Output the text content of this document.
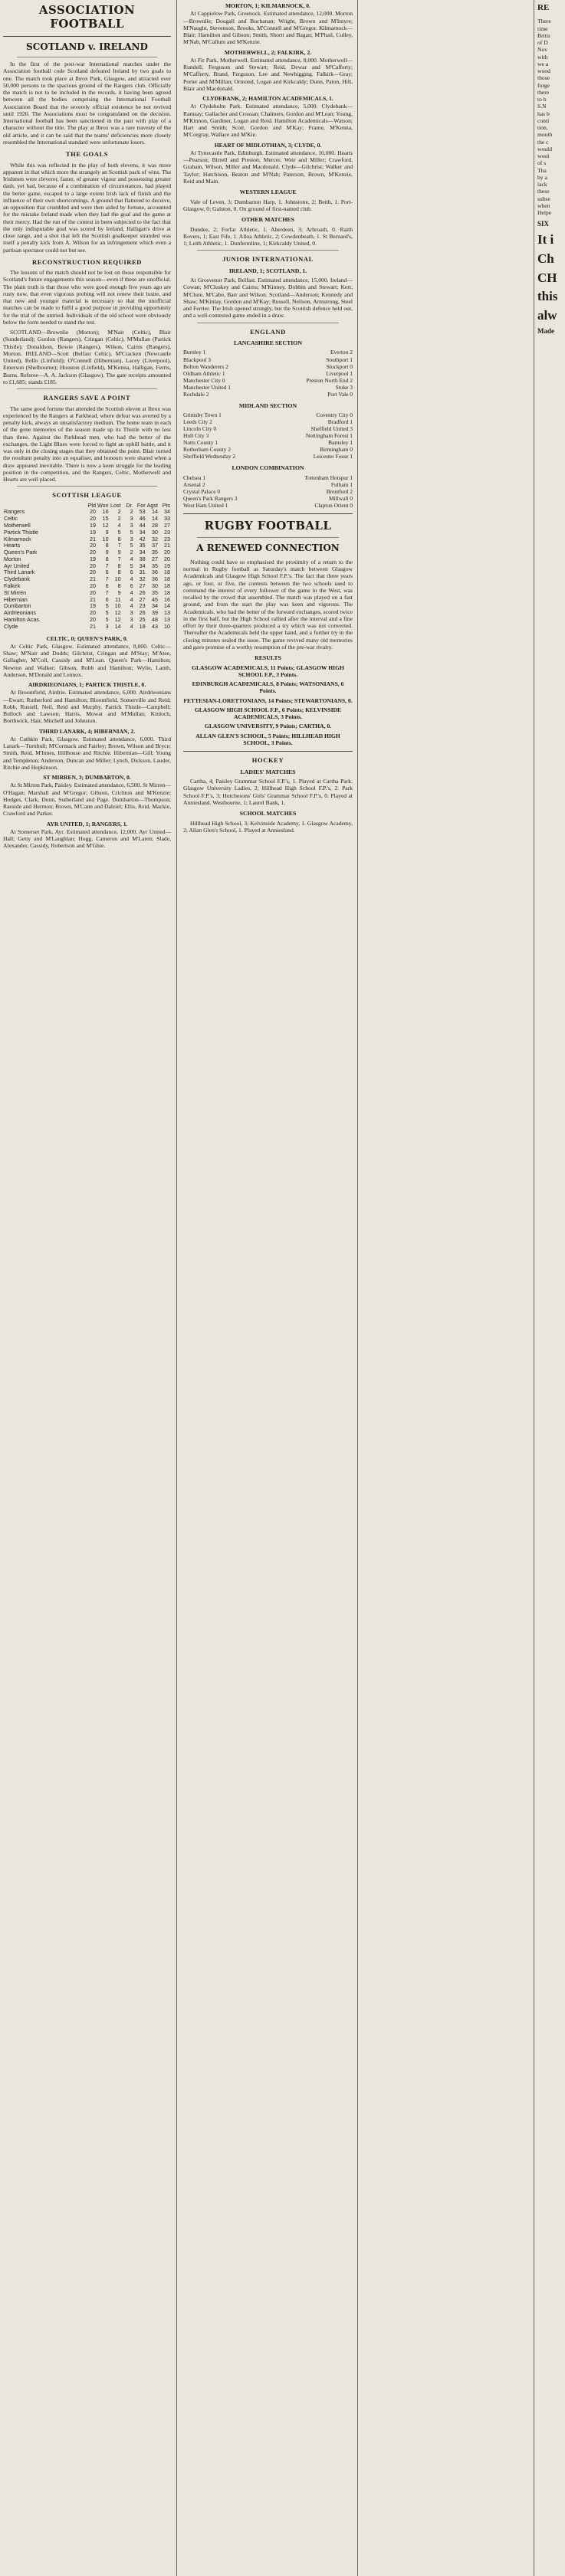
ASSOCIATION FOOTBALL
SCOTLAND v. IRELAND

In the first of the post-war International matches under the Association football code Scotland defeated Ireland by two goals to one. The match took place at Ibrox Park, Glasgow, and attracted over 50,000 persons to the spacious ground of the Rangers club. Officially the match is not to be included in the records, it having been agreed between all the bodies comprising the International Football Association Board that the severely official existence be not revived until 1920. The Associations must be congratulated on the decision. International football has been sanctioned in the past with play of a character without the title. The play at Ibrox was a rare travesty of the old article, and it can be said that the teams' deficiencies more closely resembled the International standard were unfortunate losers.

THE GOALS

While this was reflected in the play of both elevens, it was more apparent in that which more the strangely an Scottish pack of wins. The Irishmen were cleverer, faster, of greater vigour and possessing greater dash, yet had, because of a combination of circumstances, had played the better game, escaped to a large extent Irish lack of finish and the influence of their own shortcomings. A ground that flattered to deceive, an opposition that crumbled and were then aided by fortune, accounted for the mistake Ireland made when they had the goal and the game at their mercy. Had the run of the contest in been subjected to the fact that the only indisputable goal was scored by Ireland, Halligan's drive at close range, and a shot that left the Scottish goalkeeper stranded was itself a penalty kick from A. Wilson for an infringement which even a partisan spectator could not but see.

RECONSTRUCTION REQUIRED

The lessons of the match should not be lost on those responsible for Scotland's future engagements this season—even if these are unofficial. The plain truth is that those who were good enough five years ago are rusty now, that even vigorous probing will not renew their lustre, and that new and younger material is necessary so that the unofficial matches can be made to fulfil a good purpose in providing opportunity for the trial of the untried. Individuals of the old school were obviously below the form needed to stand the test.

SCOTLAND—Brownlie (Morton); M'Nair (Celtic), Blair (Sunderland); Gordon (Rangers), Cringan (Celtic), M'Mullan (Partick Thistle); Donaldson, Bowie (Rangers), Wilson, Cairns (Rangers), Morton. IRELAND—Scott (Belfast Celtic), M'Cracken (Newcastle United), Rollo (Linfield); O'Connell (Hibernian), Lacey (Liverpool), Emerson (Shelbourne); Houston (Linfield), M'Kenna, Halligan, Ferris, Burns. Referee—A. A. Jackson (Glasgow). The gate receipts amounted to £1,685; stands £185.

RANGERS SAVE A POINT

The same good fortune that attended the Scottish eleven at Ibrox was experienced by the Rangers at Parkhead, where defeat was averted by a penalty kick, always an unsatisfactory medium. The home team in each of the gone memories of the season made up its Thistle with no less than three. Against the Parkhead men, who had the better of the exchanges, the Light Blues were forced to fight an uphill battle, and it was only in the closing stages that they obtained the point. Blair turned the resultant penalty into an equaliser, and honours were shared when a draw appeared inevitable. There is now a keen struggle for the leading position in the competition, and the Rangers, Celtic, Motherwell and Hearts are well placed.

SCOTTISH LEAGUE
	Pld	Won	Lost	Dr.	For	Agst	Pts
Rangers	20	16	2	2	53	14	34
Celtic	20	15	2	3	46	14	33
Motherwell	19	12	4	3	44	28	27
Partick Thistle	19	9	5	5	34	30	23
Kilmarnock	21	10	8	3	42	32	23
Hearts	20	8	7	5	35	37	21
Queen's Park	20	9	9	2	34	35	20
Morton	19	8	7	4	38	27	20
Ayr United	20	7	8	5	34	35	19
Third Lanark	20	6	8	6	31	36	18
Clydebank	21	7	10	4	32	36	18
Falkirk	20	6	8	6	27	30	18
St Mirren	20	7	9	4	26	35	18
Hibernian	21	6	11	4	27	45	16
Dumbarton	19	5	10	4	23	34	14
Airdrieonians	20	5	12	3	26	39	13
Hamilton Acas.	20	5	12	3	25	48	13
Clyde	21	3	14	4	18	43	10
CELTIC, 0; QUEEN'S PARK, 0.

At Celtic Park, Glasgow. Estimated attendance, 8,000. Celtic—Shaw; M'Nair and Dodds; Gilchrist, Cringan and M'Stay; M'Atee, Gallagher, M'Coll, Cassidy and M'Lean. Queen's Park—Hamilton; Newton and Walker; Gibson, Robb and Hamilton; Wylie, Lamb, Anderson, M'Donald and Lennox.

AIRDRIEONIANS, 1; PARTICK THISTLE, 0.

At Broomfield, Airdrie. Estimated attendance, 6,000. Airdrieonians—Ewart; Rutherford and Hamilton; Bloomfield, Somerville and Reid; Robb, Russell, Neil, Reid and Murphy. Partick Thistle—Campbell; Bulloch and Lawson; Harris, Mowat and M'Mullan; Kinloch, Borthwick, Hair, Mitchell and Johnston.

THIRD LANARK, 4; HIBERNIAN, 2.

At Cathkin Park, Glasgow. Estimated attendance, 6,000. Third Lanark—Turnbull; M'Cormack and Fairley; Brown, Wilson and Bryce; Smith, Reid, M'Innes, Hillhouse and Ritchie. Hibernian—Gill; Young and Templeton; Anderson, Duncan and Miller; Lynch, Dickson, Lauder, Ritchie and Hopkinson.

ST MIRREN, 3; DUMBARTON, 0.

At St Mirren Park, Paisley. Estimated attendance, 6,500. St Mirren—O'Hagan; Marshall and M'Gregor; Gibson, Crichton and M'Kenzie; Hodges, Clark, Dunn, Sutherland and Page. Dumbarton—Thompson; Raeside and Hermon; Brown, M'Cann and Dalziel; Ellis, Reid, Mackie, Crawford and Parker.

AYR UNITED, 1; RANGERS, 1.

At Somerset Park, Ayr. Estimated attendance, 12,000. Ayr United—Hall; Getty and M'Laughlan; Hogg, Cameron and M'Laren; Slade, Alexander, Cassidy, Robertson and M'Ghie.

MORTON, 1; KILMARNOCK, 0.

At Cappielow Park, Greenock. Estimated attendance, 12,000. Morton—Brownlie; Dougall and Buchanan; Wright, Brown and M'Intyre; M'Naught, Stevenson, Brooks, M'Connell and M'Gregor. Kilmarnock—Blair; Hamilton and Gibson; Smith, Shortt and Bagan; M'Phail, Culley, M'Nab, M'Callum and M'Kenzie.

MOTHERWELL, 2; FALKIRK, 2.

At Fir Park, Motherwell. Estimated attendance, 8,000. Motherwell—Rundell; Ferguson and Stewart; Reid, Dewar and M'Cafferty; M'Cafferty, Brand, Ferguson, Lee and Newbigging. Falkirk—Gray; Porter and M'Millan; Ormond, Logan and Kirkcaldy; Dunn, Paton, Hill, Blair and Macdonald.

CLYDEBANK, 2; HAMILTON ACADEMICALS, 1.

At Clydeholm Park. Estimated attendance, 5,000. Clydebank—Ramsay; Gallacher and Crossan; Chalmers, Gordon and M'Lean; Young, M'Kinnon, Gardiner, Logan and Reid. Hamilton Academicals—Watson; Hart and Smith; Scott, Gordon and M'Kay; Frame, M'Kenna, M'Corgray, Wallace and M'Kie.

HEART OF MIDLOTHIAN, 3; CLYDE, 0.

At Tynecastle Park, Edinburgh. Estimated attendance, 10,000. Hearts—Pearson; Birrell and Preston; Mercer, Weir and Miller; Crawford, Graham, Wilson, Miller and Macdonald. Clyde—Gilchrist; Walker and Taylor; Hutchison, Beaton and M'Nab; Paterson, Brown, M'Kenzie, Reid and Main.

WESTERN LEAGUE

Vale of Leven, 3; Dumbarton Harp, 1. Johnstone, 2; Beith, 1. Port-Glasgow, 0; Galston, 0. On ground of first-named club.

OTHER MATCHES

Dundee, 2; Forfar Athletic, 1. Aberdeen, 3; Arbroath, 0. Raith Rovers, 1; East Fife, 1. Alloa Athletic, 2; Cowdenbeath, 1. St Bernard's, 1; Leith Athletic, 1. Dunfermline, 1; Kirkcaldy United, 0.

JUNIOR INTERNATIONAL
IRELAND, 1; SCOTLAND, 1.

At Grosvenor Park, Belfast. Estimated attendance, 15,000. Ireland—Cowan; M'Cluskey and Cairns; M'Kinney, Dobbin and Stewart; Kerr, M'Clure, M'Cabe, Barr and Wilson. Scotland—Anderson; Kennedy and Shaw; M'Kinlay, Gordon and M'Kay; Russell, Neilson, Armstrong, Steel and Ferrier. The Irish opened strongly, but the Scottish defence held out, and a well-contested game ended in a draw.

ENGLAND
LANCASHIRE SECTION
Burnley 1	Everton 2
Blackpool 3	Southport 1
Bolton Wanderers 2	Stockport 0
Oldham Athletic 1	Liverpool 1
Manchester City 0	Preston North End 2
Manchester United 1	Stoke 3
Rochdale 2	Port Vale 0
MIDLAND SECTION
Grimsby Town 1	Coventry City 0
Leeds City 2	Bradford 1
Lincoln City 0	Sheffield United 3
Hull City 3	Nottingham Forest 1
Notts County 1	Barnsley 1
Rotherham County 2	Birmingham 0
Sheffield Wednesday 2	Leicester Fosse 1
LONDON COMBINATION
Chelsea 1	Tottenham Hotspur 1
Arsenal 2	Fulham 1
Crystal Palace 0	Brentford 2
Queen's Park Rangers 3	Millwall 0
West Ham United 1	Clapton Orient 0
RUGBY FOOTBALL
A RENEWED CONNECTION

Nothing could have so emphasised the proximity of a return to the normal in Rugby football as Saturday's match between Glasgow Academicals and Glasgow High School F.P.'s. The fact that three years ago, or four, or five, the contests between the two schools used to command the interest of every follower of the game in the West, was recalled by the crowd that assembled. The match was played on a fast ground, and from the start the play was keen and vigorous. The Academicals, who had the better of the forward exchanges, scored twice in the first half, but the High School rallied after the interval and a fine effort by their three-quarters produced a try which was not converted. Thereafter the Academicals held the upper hand, and a further try in the closing minutes sealed the issue. The game revived many old memories and gave promise of a worthy resumption of the pre-war rivalry.

RESULTS
GLASGOW ACADEMICALS, 11 Points; GLASGOW HIGH SCHOOL F.P., 3 Points.
EDINBURGH ACADEMICALS, 8 Points; WATSONIANS, 6 Points.
FETTESIAN-LORETTONIANS, 14 Points; STEWARTONIANS, 0.
GLASGOW HIGH SCHOOL F.P., 6 Points; KELVINSIDE ACADEMICALS, 3 Points.
GLASGOW UNIVERSITY, 9 Points; CARTHA, 0.
ALLAN GLEN'S SCHOOL, 5 Points; HILLHEAD HIGH SCHOOL, 3 Points.
HOCKEY
LADIES' MATCHES

Cartha, 4; Paisley Grammar School F.P.'s, 1. Played at Cartha Park. Glasgow University Ladies, 2; Hillhead High School F.P.'s, 2. Park School F.P.'s, 3; Hutchesons' Girls' Grammar School F.P.'s, 0. Played at Anniesland. Westbourne, 1; Laurel Bank, 1.

SCHOOL MATCHES

Hillhead High School, 3; Kelvinside Academy, 1. Glasgow Academy, 2; Allan Glen's School, 1. Played at Anniesland.

RE
There
time
Britis
of D
Nov
with
we a
wood
those
forge
there
to b
S.N
has b
conti
tion,
mouth
the c
would
woul
of s
Tha
by a
lack
these
subse
when
Helpe
SIX
It i
Ch
CH
this
alw
Made
